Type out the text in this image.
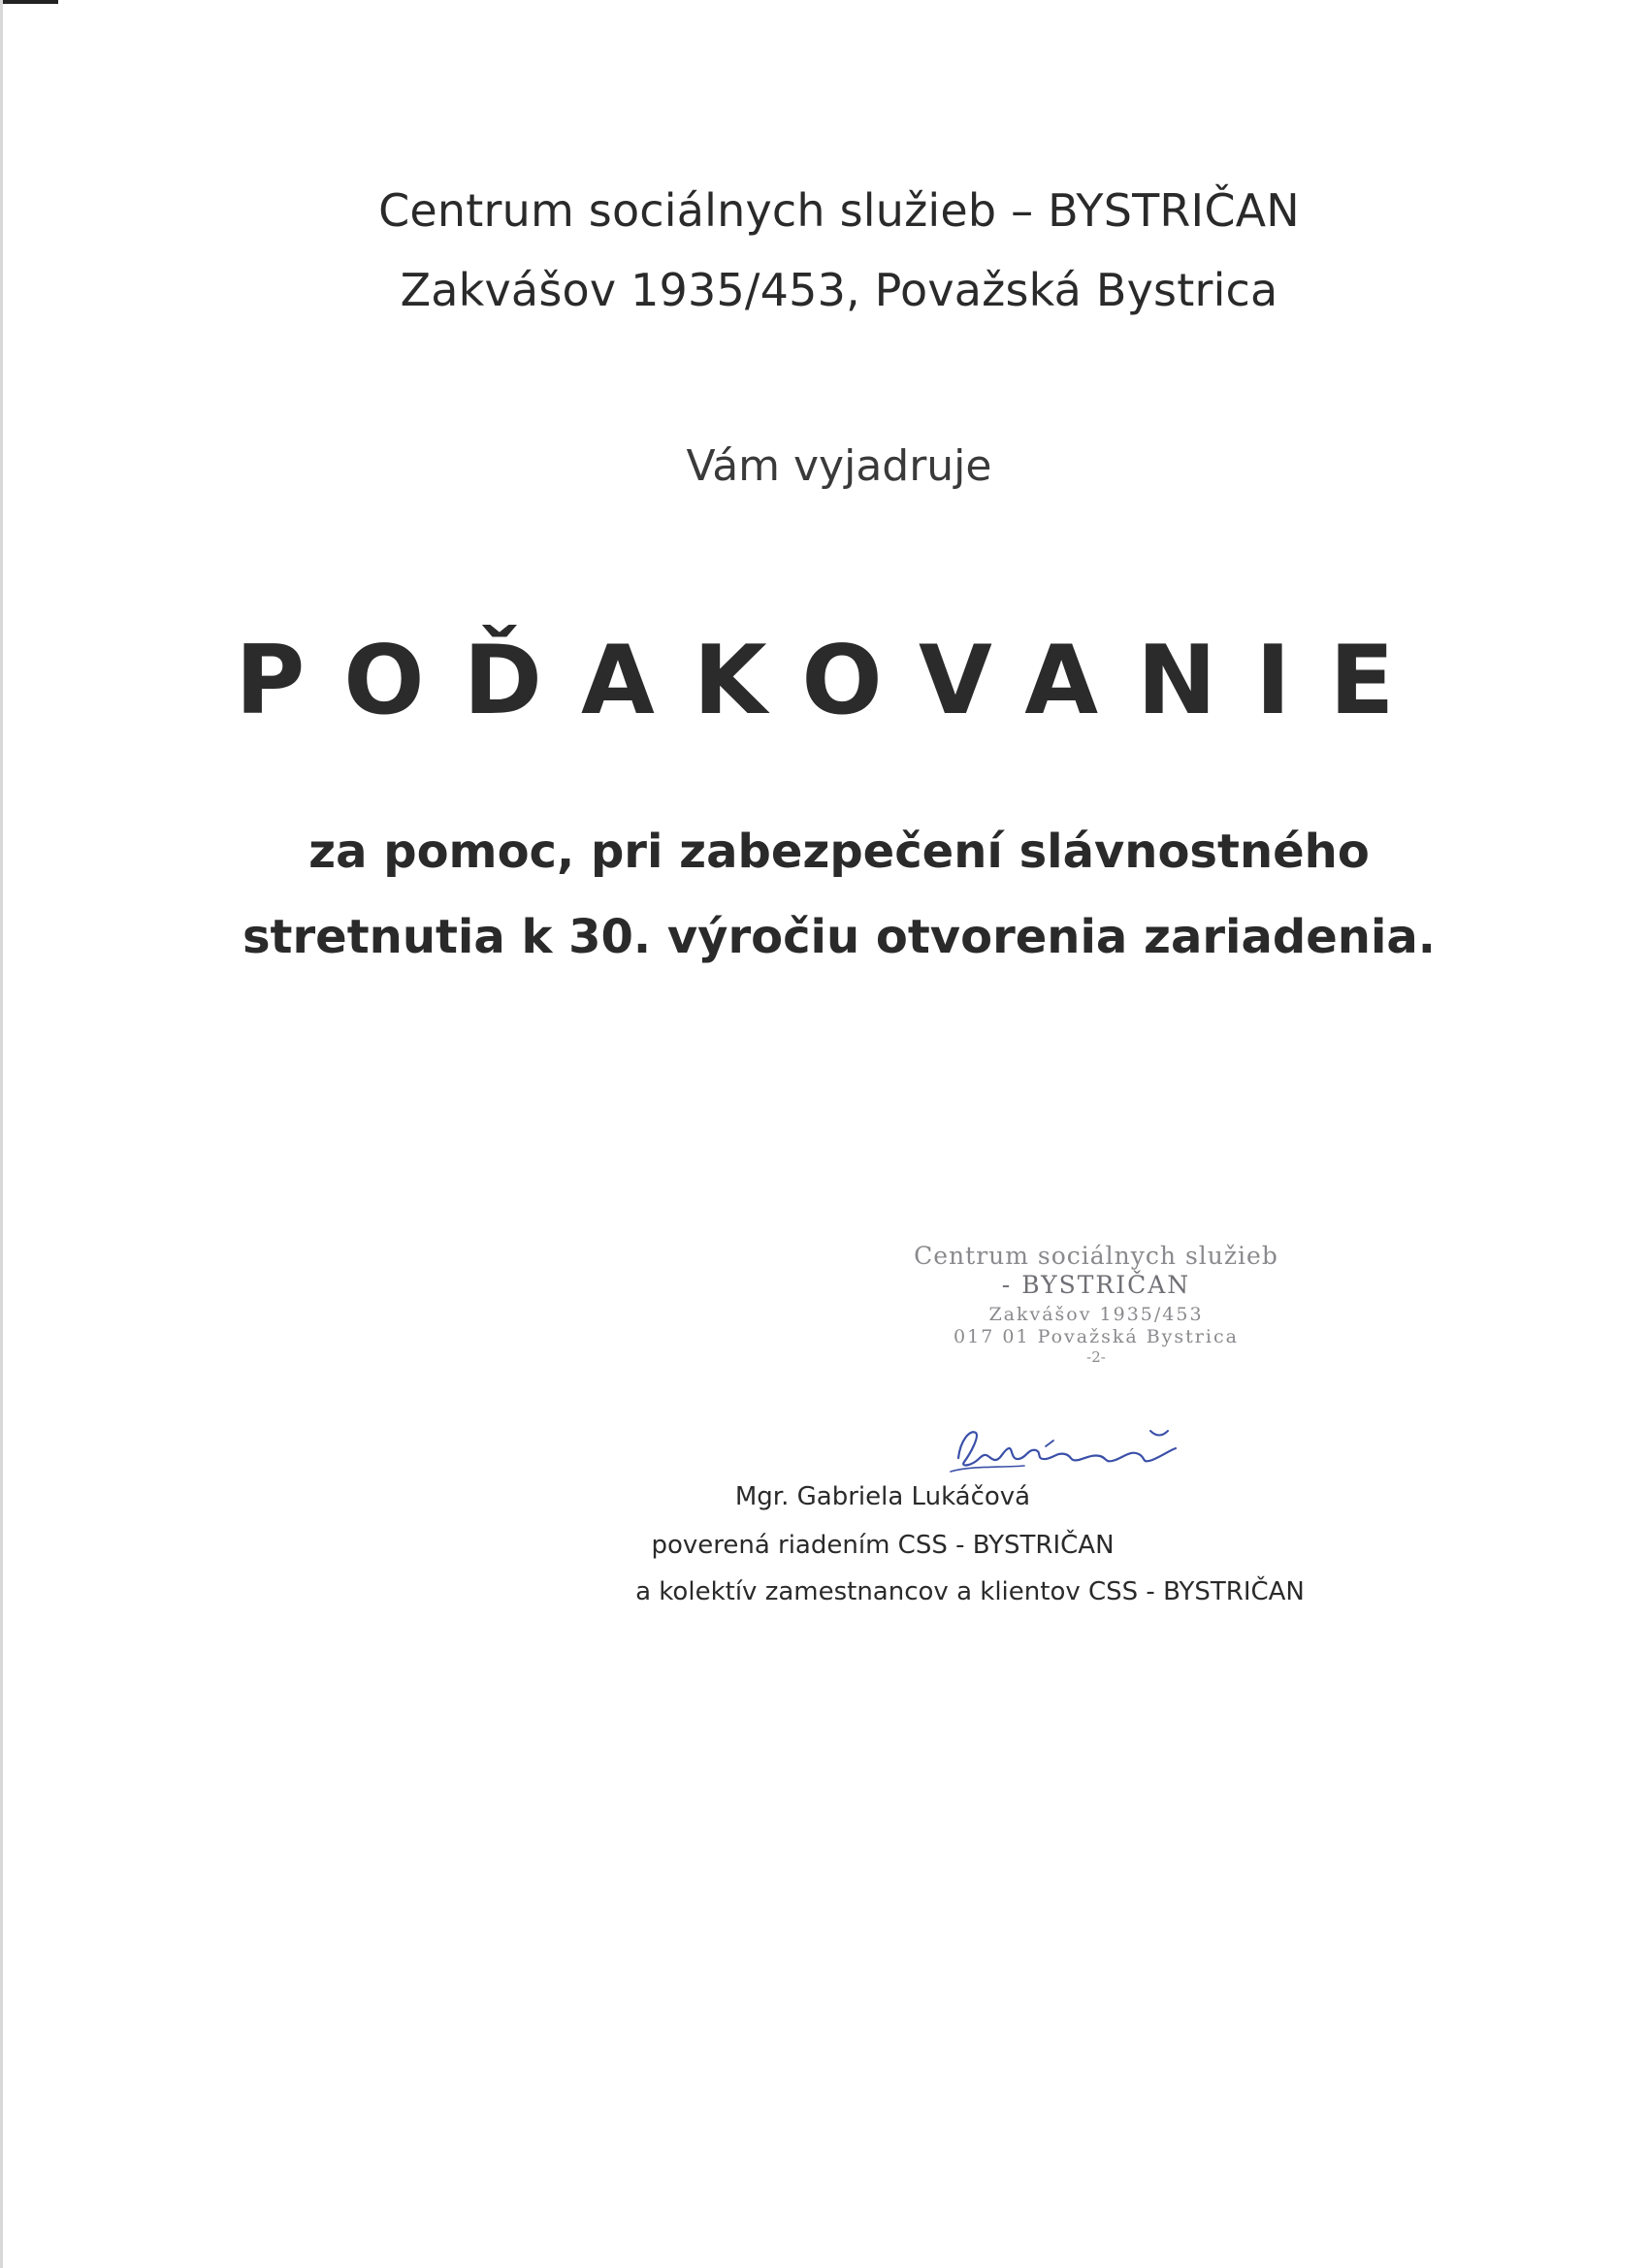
Centrum sociálnych služieb – BYSTRIČAN
Zakvášov 1935/453, Považská Bystrica
Vám vyjadruje
POĎAKOVANIE
za pomoc, pri zabezpečení slávnostného
stretnutia k 30. výročiu otvorenia zariadenia.
Centrum sociálnych služieb
- BYSTRIČAN
Zakvášov 1935/453
017 01 Považská Bystrica
-2-
Mgr. Gabriela Lukáčová
poverená riadením CSS - BYSTRIČAN
a kolektív zamestnancov a klientov CSS - BYSTRIČAN
